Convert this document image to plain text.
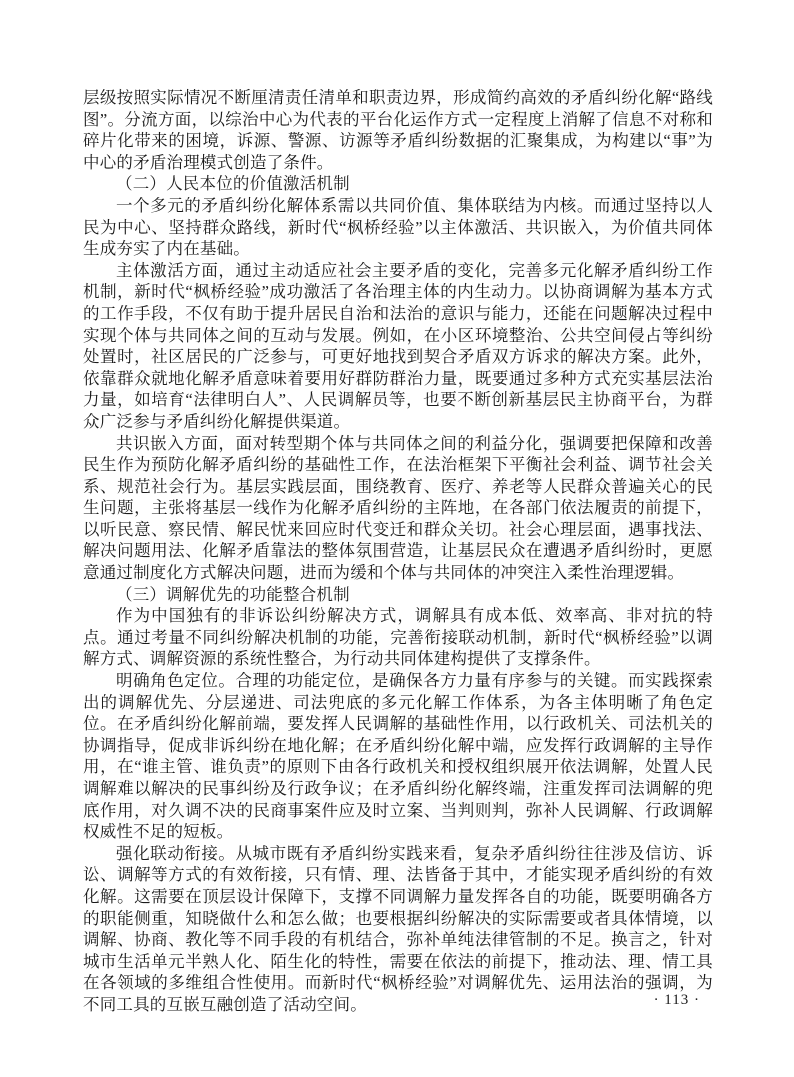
层级按照实际情况不断厘清责任清单和职责边界，形成简约高效的矛盾纠纷化解“路线图”。分流方面，以综治中心为代表的平台化运作方式一定程度上消解了信息不对称和碎片化带来的困境，诉源、警源、访源等矛盾纠纷数据的汇聚集成，为构建以“事”为中心的矛盾治理模式创造了条件。

（二）人民本位的价值激活机制

一个多元的矛盾纠纷化解体系需以共同价值、集体联结为内核。而通过坚持以人民为中心、坚持群众路线，新时代“枫桥经验”以主体激活、共识嵌入，为价值共同体生成夯实了内在基础。

主体激活方面，通过主动适应社会主要矛盾的变化，完善多元化解矛盾纠纷工作机制，新时代“枫桥经验”成功激活了各治理主体的内生动力。以协商调解为基本方式的工作手段，不仅有助于提升居民自治和法治的意识与能力，还能在问题解决过程中实现个体与共同体之间的互动与发展。例如，在小区环境整治、公共空间侵占等纠纷处置时，社区居民的广泛参与，可更好地找到契合矛盾双方诉求的解决方案。此外，依靠群众就地化解矛盾意味着要用好群防群治力量，既要通过多种方式充实基层法治力量，如培育“法律明白人”、人民调解员等，也要不断创新基层民主协商平台，为群众广泛参与矛盾纠纷化解提供渠道。

共识嵌入方面，面对转型期个体与共同体之间的利益分化，强调要把保障和改善民生作为预防化解矛盾纠纷的基础性工作，在法治框架下平衡社会利益、调节社会关系、规范社会行为。基层实践层面，围绕教育、医疗、养老等人民群众普遍关心的民生问题，主张将基层一线作为化解矛盾纠纷的主阵地，在各部门依法履责的前提下，以听民意、察民情、解民忧来回应时代变迁和群众关切。社会心理层面，遇事找法、解决问题用法、化解矛盾靠法的整体氛围营造，让基层民众在遭遇矛盾纠纷时，更愿意通过制度化方式解决问题，进而为缓和个体与共同体的冲突注入柔性治理逻辑。

（三）调解优先的功能整合机制

作为中国独有的非诉讼纠纷解决方式，调解具有成本低、效率高、非对抗的特点。通过考量不同纠纷解决机制的功能，完善衔接联动机制，新时代“枫桥经验”以调解方式、调解资源的系统性整合，为行动共同体建构提供了支撑条件。

明确角色定位。合理的功能定位，是确保各方力量有序参与的关键。而实践探索出的调解优先、分层递进、司法兜底的多元化解工作体系，为各主体明晰了角色定位。在矛盾纠纷化解前端，要发挥人民调解的基础性作用，以行政机关、司法机关的协调指导，促成非诉纠纷在地化解；在矛盾纠纷化解中端，应发挥行政调解的主导作用，在“谁主管、谁负责”的原则下由各行政机关和授权组织展开依法调解，处置人民调解难以解决的民事纠纷及行政争议；在矛盾纠纷化解终端，注重发挥司法调解的兜底作用，对久调不决的民商事案件应及时立案、当判则判，弥补人民调解、行政调解权威性不足的短板。

强化联动衔接。从城市既有矛盾纠纷实践来看，复杂矛盾纠纷往往涉及信访、诉讼、调解等方式的有效衔接，只有情、理、法皆备于其中，才能实现矛盾纠纷的有效化解。这需要在顶层设计保障下，支撑不同调解力量发挥各自的功能，既要明确各方的职能侧重，知晓做什么和怎么做；也要根据纠纷解决的实际需要或者具体情境，以调解、协商、教化等不同手段的有机结合，弥补单纯法律管制的不足。换言之，针对城市生活单元半熟人化、陌生化的特性，需要在依法的前提下，推动法、理、情工具在各领域的多维组合性使用。而新时代“枫桥经验”对调解优先、运用法治的强调，为不同工具的互嵌互融创造了活动空间。	· 113 ·
